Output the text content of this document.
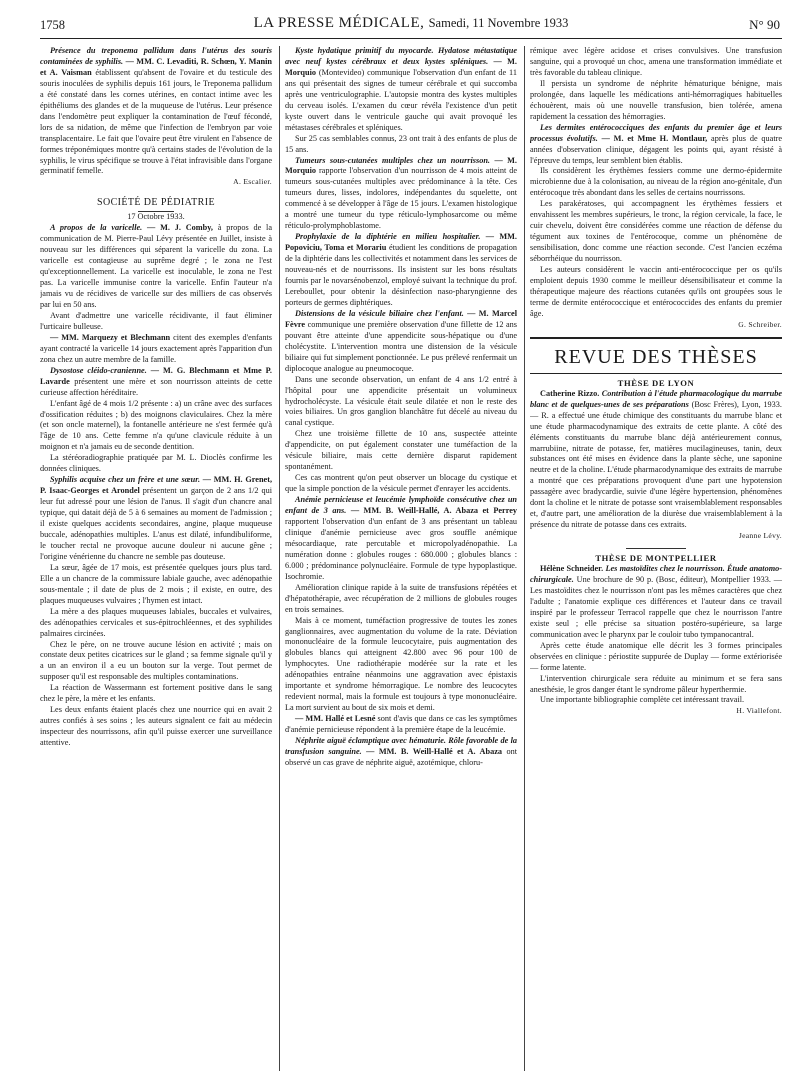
1758	LA PRESSE MÉDICALE, Samedi, 11 Novembre 1933	N° 90

Présence du treponema pallidum dans l'utérus des souris contaminées de syphilis. — MM. C. Levaditi, R. Schœn, Y. Manin et A. Vaisman établissent qu'absent de l'ovaire et du testicule des souris inoculées de syphilis depuis 161 jours, le Treponema pallidum a été constaté dans les cornes utérines, en contact intime avec les épithéliums des glandes et de la muqueuse de l'utérus. Leur présence dans l'endomètre peut expliquer la contamination de l'œuf fécondé, lors de sa nidation, de même que l'infection de l'embryon par voie transplacentaire. Le fait que l'ovaire peut être virulent en l'absence de formes tréponémiques montre qu'à certains stades de l'évolution de la syphilis, le virus spécifique se trouve à l'état infravisible dans l'organe germinatif femelle.

A. Escalier.

SOCIÉTÉ DE PÉDIATRIE

17 Octobre 1933.

A propos de la varicelle. — M. J. Comby, à propos de la communication de M. Pierre-Paul Lévy présentée en Juillet, insiste à nouveau sur les différences qui séparent la varicelle du zona. La varicelle est contagieuse au suprême degré ; le zona ne l'est qu'exceptionnellement. La varicelle est inoculable, le zona ne l'est pas. La varicelle immunise contre la varicelle. Enfin l'auteur n'a jamais vu de récidives de varicelle sur des milliers de cas observés par lui en 50 ans.

Avant d'admettre une varicelle récidivante, il faut éliminer l'urticaire bulleuse.

— MM. Marquezy et Blechmann citent des exemples d'enfants ayant contracté la varicelle 14 jours exactement après l'apparition d'un zona chez un autre membre de la famille.

Dysostose cléido-cranienne. — M. G. Blechmann et Mme P. Lavarde présentent une mère et son nourrisson atteints de cette curieuse affection héréditaire.

L'enfant âgé de 4 mois 1/2 présente : a) un crâne avec des surfaces d'ossification réduites ; b) des moignons claviculaires. Chez la mère (et son oncle maternel), la fontanelle antérieure ne s'est fermée qu'à l'âge de 10 ans. Cette femme n'a qu'une clavicule réduite à un moignon et n'a jamais eu de seconde dentition.

La stéréoradiographie pratiquée par M. L. Dioclès confirme les données cliniques.

Syphilis acquise chez un frère et une sœur. — MM. H. Grenet, P. Isaac-Georges et Arondel présentent un garçon de 2 ans 1/2 qui leur fut adressé pour une lésion de l'anus. Il s'agit d'un chancre anal typique, qui datait déjà de 5 à 6 semaines au moment de l'admission ; il existe quelques accidents secondaires, angine, plaque muqueuse buccale, adénopathies multiples. L'anus est dilaté, infundibuliforme, le toucher rectal ne provoque aucune douleur ni aucune gêne ; l'origine vénérienne du chancre ne semble pas douteuse.

La sœur, âgée de 17 mois, est présentée quelques jours plus tard. Elle a un chancre de la commissure labiale gauche, avec adénopathie sous-mentale ; il date de plus de 2 mois ; il existe, en outre, des plaques muqueuses vulvaires ; l'hymen est intact.

La mère a des plaques muqueuses labiales, buccales et vulvaires, des adénopathies cervicales et sus-épitrochléennes, et des syphilides palmaires circinées.

Chez le père, on ne trouve aucune lésion en activité ; mais on constate deux petites cicatrices sur le gland ; sa femme signale qu'il y a un an environ il a eu un bouton sur la verge. Tout permet de supposer qu'il est responsable des multiples contaminations.

La réaction de Wassermann est fortement positive dans le sang chez le père, la mère et les enfants.

Les deux enfants étaient placés chez une nourrice qui en avait 2 autres confiés à ses soins ; les auteurs signalent ce fait au médecin inspecteur des nourrissons, afin qu'il puisse exercer une surveillance attentive.

Kyste hydatique primitif du myocarde. Hydatose métastatique avec neuf kystes cérébraux et deux kystes spléniques. — M. Morquio (Montevideo) communique l'observation d'un enfant de 11 ans qui présentait des signes de tumeur cérébrale et qui succomba après une ventriculographie. L'autopsie montra des kystes multiples du cerveau isolés. L'examen du cœur révéla l'existence d'un petit kyste ouvert dans le ventricule gauche qui avait provoqué les métastases cérébrales et spléniques.

Sur 25 cas semblables connus, 23 ont trait à des enfants de plus de 15 ans.

Tumeurs sous-cutanées multiples chez un nourrisson. — M. Morquio rapporte l'observation d'un nourrisson de 4 mois atteint de tumeurs sous-cutanées multiples avec prédominance à la tête. Ces tumeurs dures, lisses, indolores, indépendantes du squelette, ont commencé à se développer à l'âge de 15 jours. L'examen histologique a montré une tumeur du type réticulo-lymphosarcome ou même réticulo-prolymphoblastome.

Prophylaxie de la diphtérie en milieu hospitalier. — MM. Popoviciu, Toma et Morariu étudient les conditions de propagation de la diphtérie dans les collectivités et notamment dans les services de nouveau-nés et de nourrissons. Ils insistent sur les bons résultats fournis par le novarsénobenzol, employé suivant la technique du prof. Lereboullet, pour obtenir la désinfection naso-pharyngienne des porteurs de germes diphtériques.

Distensions de la vésicule biliaire chez l'enfant. — M. Marcel Fèvre communique une première observation d'une fillette de 12 ans pouvant être atteinte d'une appendicite sous-hépatique ou d'une cholécystite. L'intervention montra une distension de la vésicule biliaire qui fut simplement ponctionnée. Le pus prélevé renfermait un diplocoque analogue au pneumocoque.

Dans une seconde observation, un enfant de 4 ans 1/2 entré à l'hôpital pour une appendicite présentait un volumineux hydrocholécyste. La vésicule était seule dilatée et non le reste des voies biliaires. Un gros ganglion blanchâtre fut décelé au niveau du canal cystique.

Chez une troisième fillette de 10 ans, suspectée atteinte d'appendicite, on put également constater une tuméfaction de la vésicule biliaire, mais cette dernière disparut rapidement spontanément.

Ces cas montrent qu'on peut observer un blocage du cystique et que la simple ponction de la vésicule permet d'enrayer les accidents.

Anémie pernicieuse et leucémie lymphoïde consécutive chez un enfant de 3 ans. — MM. B. Weill-Hallé, A. Abaza et Perrey rapportent l'observation d'un enfant de 3 ans présentant un tableau clinique d'anémie pernicieuse avec gros souffle anémique mésocardiaque, rate percutable et micropolyadénopathie. La numération donne : globules rouges : 680.000 ; globules blancs : 6.000 ; prédominance polynucléaire. Formule de type hypoplastique. Isochromie.

Amélioration clinique rapide à la suite de transfusions répétées et d'hépatothérapie, avec récupération de 2 millions de globules rouges en trois semaines.

Mais à ce moment, tuméfaction progressive de toutes les zones ganglionnaires, avec augmentation du volume de la rate. Déviation mononucléaire de la formule leucocytaire, puis augmentation des globules blancs qui atteignent 42.800 avec 96 pour 100 de lymphocytes. Une radiothérapie modérée sur la rate et les adénopathies entraîne néanmoins une aggravation avec épistaxis importante et syndrome hémorragique. Le nombre des leucocytes redevient normal, mais la formule est toujours à type mononucléaire. La mort survient au bout de six mois et demi.

— MM. Hallé et Lesné sont d'avis que dans ce cas les symptômes d'anémie pernicieuse répondent à la première étape de la leucémie.

Néphrite aiguë éclamptique avec hématurie. Rôle favorable de la transfusion sanguine. — MM. B. Weill-Hallé et A. Abaza ont observé un cas grave de néphrite aiguë, azotémique, chloru-

rémique avec légère acidose et crises convulsives. Une transfusion sanguine, qui a provoqué un choc, amena une transformation immédiate et très favorable du tableau clinique.

Il persista un syndrome de néphrite hématurique bénigne, mais prolongée, dans laquelle les médications anti-hémorragiques habituelles échouèrent, mais où une nouvelle transfusion, bien tolérée, amena rapidement la cessation des hémorragies.

Les dermites entérococciques des enfants du premier âge et leurs processus évolutifs. — M. et Mme H. Montlaur, après plus de quatre années d'observation clinique, dégagent les points qui, ayant résisté à l'épreuve du temps, leur semblent bien établis.

Ils considèrent les érythèmes fessiers comme une dermo-épidermite microbienne due à la colonisation, au niveau de la région ano-génitale, d'un entérocoque très abondant dans les selles de certains nourrissons.

Les parakératoses, qui accompagnent les érythèmes fessiers et envahissent les membres supérieurs, le tronc, la région cervicale, la face, le cuir chevelu, doivent être considérées comme une réaction de défense du tégument aux toxines de l'entérocoque, comme un phénomène de sensibilisation, donc comme une réaction seconde. C'est l'ancien eczéma séborrhéique du nourrisson.

Les auteurs considèrent le vaccin anti-entérococcique per os qu'ils emploient depuis 1930 comme le meilleur désensibilisateur et comme la thérapeutique majeure des réactions cutanées qu'ils ont groupées sous le terme de dermite entérococcique et entérococcides des enfants du premier âge.

G. Schreiber.

REVUE DES THÈSES

THÈSE DE LYON

Catherine Rizzo. Contribution à l'étude pharmacologique du marrube blanc et de quelques-unes de ses préparations (Bosc Frères), Lyon, 1933. — R. a effectué une étude chimique des constituants du marrube blanc et une étude pharmacodynamique des extraits de cette plante. A côté des éléments constituants du marrube blanc déjà antérieurement connus, marrubiine, nitrate de potasse, fer, matières mucilagineuses, tanin, deux substances ont été mises en évidence dans la plante sèche, une saponine neutre et de la choline. L'étude pharmacodynamique des extraits de marrube a montré que ces préparations provoquent d'une part une hypotension passagère avec bradycardie, suivie d'une légère hypertension, phénomènes dont la choline et le nitrate de potasse sont vraisemblablement responsables et, d'autre part, une amélioration de la diurèse due vraisemblablement à la présence du nitrate de potasse dans ces extraits.

Jeanne Lévy.

THÈSE DE MONTPELLIER

Hélène Schneider. Les mastoïdites chez le nourrisson. Étude anatomo-chirurgicale. Une brochure de 90 p. (Bosc, éditeur), Montpellier 1933. — Les mastoïdites chez le nourrisson n'ont pas les mêmes caractères que chez l'adulte ; l'anatomie explique ces différences et l'auteur dans ce travail inspiré par le professeur Terracol rappelle que chez le nourrisson l'antre existe seul ; elle précise sa situation postéro-supérieure, sa large communication avec le pharynx par le couloir tubo tympanocantral.

Après cette étude anatomique elle décrit les 3 formes principales observées en clinique : périostite suppurée de Duplay — forme extériorisée — forme latente.

L'intervention chirurgicale sera réduite au minimum et se fera sans anesthésie, le gros danger étant le syndrome pâleur hyperthermie.

Une importante bibliographie complète cet intéressant travail.

H. Viallefont.
